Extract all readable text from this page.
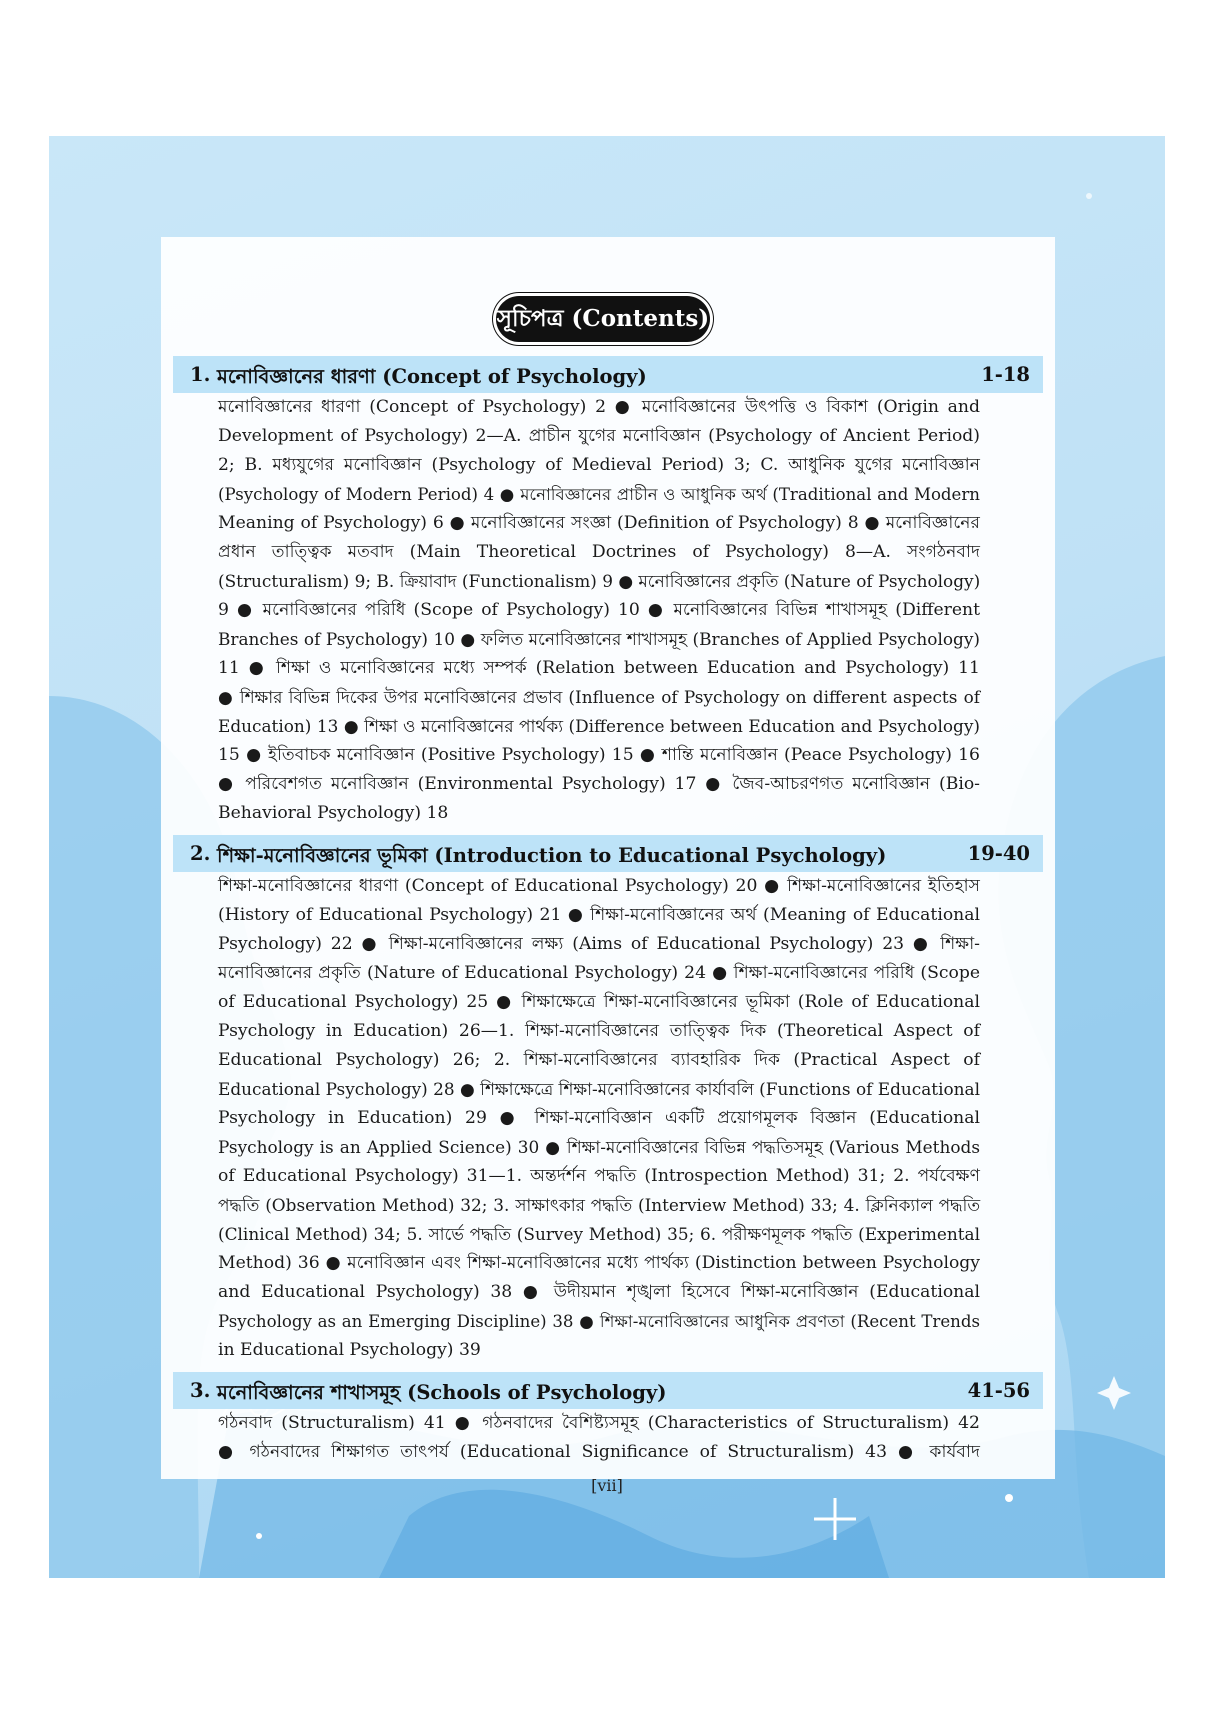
সূচিপত্র (Contents)
1. মনোবিজ্ঞানের ধারণা (Concept of Psychology)	1-18
মনোবিজ্ঞানের ধারণা (Concept of Psychology) 2 ● মনোবিজ্ঞানের উৎপত্তি ও বিকাশ (Origin and
Development of Psychology) 2—A. প্রাচীন যুগের মনোবিজ্ঞান (Psychology of Ancient Period)
2; B. মধ্যযুগের মনোবিজ্ঞান (Psychology of Medieval Period) 3; C. আধুনিক যুগের মনোবিজ্ঞান
(Psychology of Modern Period) 4 ● মনোবিজ্ঞানের প্রাচীন ও আধুনিক অর্থ (Traditional and Modern
Meaning of Psychology) 6 ● মনোবিজ্ঞানের সংজ্ঞা (Definition of Psychology) 8 ● মনোবিজ্ঞানের
প্রধান তাত্ত্বিক মতবাদ (Main Theoretical Doctrines of Psychology) 8—A. সংগঠনবাদ
(Structuralism) 9; B. ক্রিয়াবাদ (Functionalism) 9 ● মনোবিজ্ঞানের প্রকৃতি (Nature of Psychology)
9 ● মনোবিজ্ঞানের পরিধি (Scope of Psychology) 10 ● মনোবিজ্ঞানের বিভিন্ন শাখাসমূহ (Different
Branches of Psychology) 10 ● ফলিত মনোবিজ্ঞানের শাখাসমূহ (Branches of Applied Psychology)
11 ● শিক্ষা ও মনোবিজ্ঞানের মধ্যে সম্পর্ক (Relation between Education and Psychology) 11
● শিক্ষার বিভিন্ন দিকের উপর মনোবিজ্ঞানের প্রভাব (Influence of Psychology on different aspects of
Education) 13 ● শিক্ষা ও মনোবিজ্ঞানের পার্থক্য (Difference between Education and Psychology)
15 ● ইতিবাচক মনোবিজ্ঞান (Positive Psychology) 15 ● শান্তি মনোবিজ্ঞান (Peace Psychology) 16
● পরিবেশগত মনোবিজ্ঞান (Environmental Psychology) 17 ● জৈব-আচরণগত মনোবিজ্ঞান (Bio-
Behavioral Psychology) 18
2. শিক্ষা-মনোবিজ্ঞানের ভূমিকা (Introduction to Educational Psychology)	19-40
শিক্ষা-মনোবিজ্ঞানের ধারণা (Concept of Educational Psychology) 20 ● শিক্ষা-মনোবিজ্ঞানের ইতিহাস
(History of Educational Psychology) 21 ● শিক্ষা-মনোবিজ্ঞানের অর্থ (Meaning of Educational
Psychology) 22 ● শিক্ষা-মনোবিজ্ঞানের লক্ষ্য (Aims of Educational Psychology) 23 ● শিক্ষা-
মনোবিজ্ঞানের প্রকৃতি (Nature of Educational Psychology) 24 ● শিক্ষা-মনোবিজ্ঞানের পরিধি (Scope
of Educational Psychology) 25 ● শিক্ষাক্ষেত্রে শিক্ষা-মনোবিজ্ঞানের ভূমিকা (Role of Educational
Psychology in Education) 26—1. শিক্ষা-মনোবিজ্ঞানের তাত্ত্বিক দিক (Theoretical Aspect of
Educational Psychology) 26; 2. শিক্ষা-মনোবিজ্ঞানের ব্যাবহারিক দিক (Practical Aspect of
Educational Psychology) 28 ● শিক্ষাক্ষেত্রে শিক্ষা-মনোবিজ্ঞানের কার্যাবলি (Functions of Educational
Psychology in Education) 29 ● শিক্ষা-মনোবিজ্ঞান একটি প্রয়োগমূলক বিজ্ঞান (Educational
Psychology is an Applied Science) 30 ● শিক্ষা-মনোবিজ্ঞানের বিভিন্ন পদ্ধতিসমূহ (Various Methods
of Educational Psychology) 31—1. অন্তর্দর্শন পদ্ধতি (Introspection Method) 31; 2. পর্যবেক্ষণ
পদ্ধতি (Observation Method) 32; 3. সাক্ষাৎকার পদ্ধতি (Interview Method) 33; 4. ক্লিনিক্যাল পদ্ধতি
(Clinical Method) 34; 5. সার্ভে পদ্ধতি (Survey Method) 35; 6. পরীক্ষণমূলক পদ্ধতি (Experimental
Method) 36 ● মনোবিজ্ঞান এবং শিক্ষা-মনোবিজ্ঞানের মধ্যে পার্থক্য (Distinction between Psychology
and Educational Psychology) 38 ● উদীয়মান শৃঙ্খলা হিসেবে শিক্ষা-মনোবিজ্ঞান (Educational
Psychology as an Emerging Discipline) 38 ● শিক্ষা-মনোবিজ্ঞানের আধুনিক প্রবণতা (Recent Trends
in Educational Psychology) 39
3. মনোবিজ্ঞানের শাখাসমূহ (Schools of Psychology)	41-56
গঠনবাদ (Structuralism) 41 ● গঠনবাদের বৈশিষ্ট্যসমূহ (Characteristics of Structuralism) 42
● গঠনবাদের শিক্ষাগত তাৎপর্য (Educational Significance of Structuralism) 43 ● কার্যবাদ
[vii]
